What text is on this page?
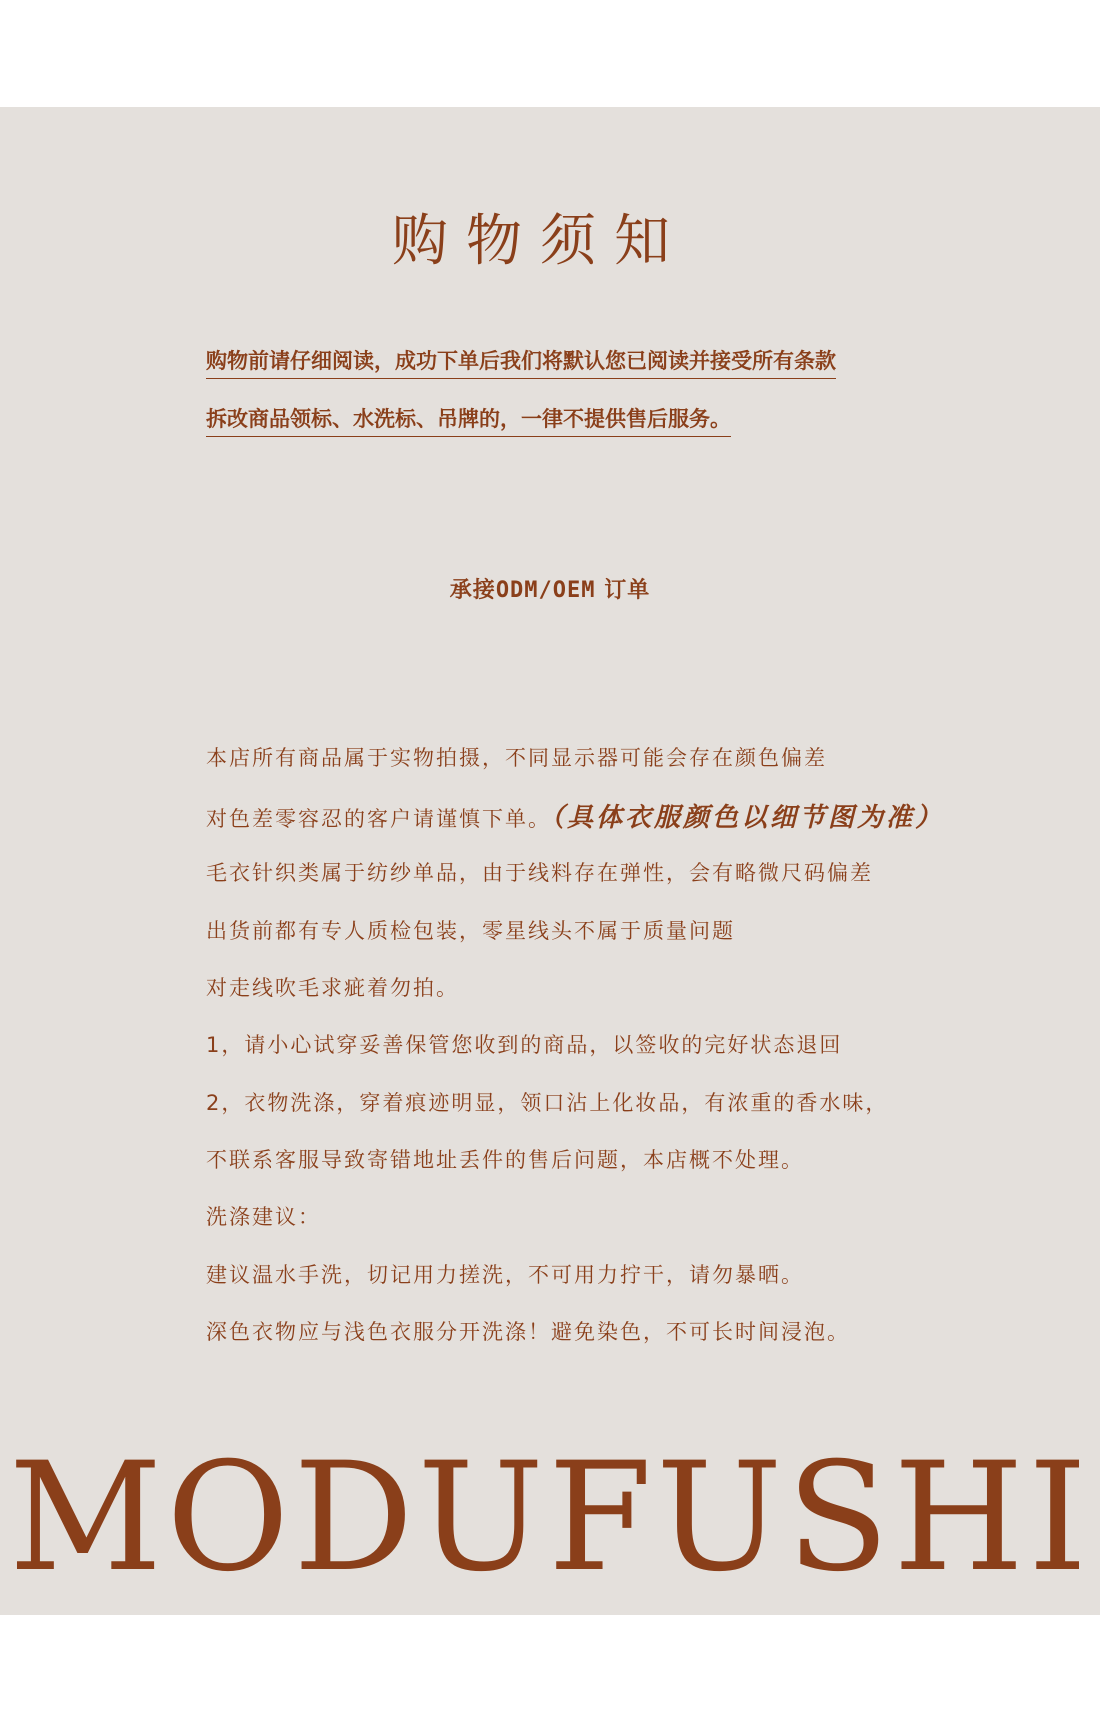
购物须知
购物前请仔细阅读，成功下单后我们将默认您已阅读并接受所有条款
拆改商品领标、水洗标、吊牌的，一律不提供售后服务。
承接ODM/OEM 订单
本店所有商品属于实物拍摄，不同显示器可能会存在颜色偏差
对色差零容忍的客户请谨慎下单。（具体衣服颜色以细节图为准）
毛衣针织类属于纺纱单品，由于线料存在弹性，会有略微尺码偏差
出货前都有专人质检包装，零星线头不属于质量问题
对走线吹毛求疵着勿拍。
1，请小心试穿妥善保管您收到的商品，以签收的完好状态退回
2，衣物洗涤，穿着痕迹明显，领口沾上化妆品，有浓重的香水味，
不联系客服导致寄错地址丢件的售后问题，本店概不处理。
洗涤建议：
建议温水手洗，切记用力搓洗，不可用力拧干，请勿暴晒。
深色衣物应与浅色衣服分开洗涤！避免染色，不可长时间浸泡。
MODUFUSHI
